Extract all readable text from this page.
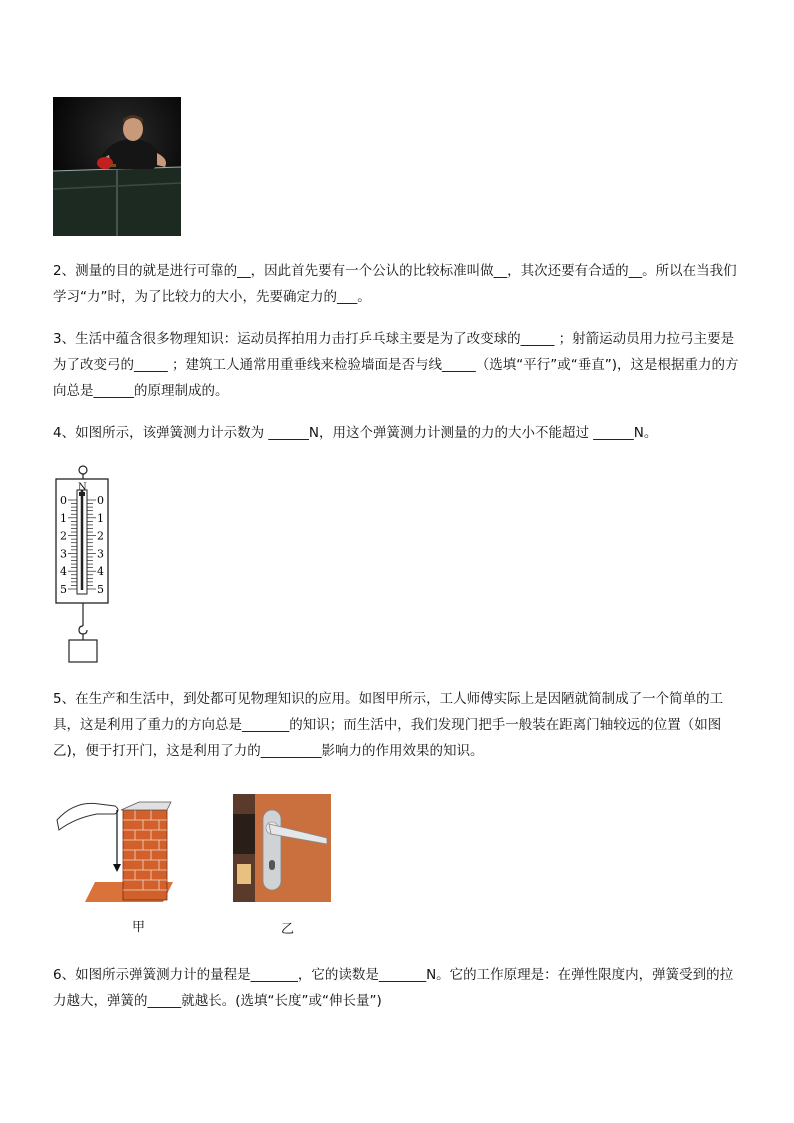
2、测量的目的就是进行可靠的__，因此首先要有一个公认的比较标准叫做__，其次还要有合适的__。所以在当我们学习“力”时，为了比较力的大小，先要确定力的___。
3、生活中蕴含很多物理知识：运动员挥拍用力击打乒乓球主要是为了改变球的_____ ；射箭运动员用力拉弓主要是为了改变弓的_____ ；建筑工人通常用重垂线来检验墙面是否与线_____（选填“平行”或“垂直”)，这是根据重力的方向总是______的原理制成的。
4、如图所示，该弹簧测力计示数为 ______N，用这个弹簧测力计测量的力的大小不能超过 ______N。
N
0
1
2
3
4
5
0
1
2
3
4
5
5、在生产和生活中，到处都可见物理知识的应用。如图甲所示，工人师傅实际上是因陋就简制成了一个简单的工具，这是利用了重力的方向总是_______的知识；而生活中，我们发现门把手一般装在距离门轴较远的位置（如图乙)，便于打开门，这是利用了力的_________影响力的作用效果的知识。
甲	乙
6、如图所示弹簧测力计的量程是_______，它的读数是_______N。它的工作原理是：在弹性限度内，弹簧受到的拉力越大，弹簧的_____就越长。(选填“长度”或“伸长量”)
